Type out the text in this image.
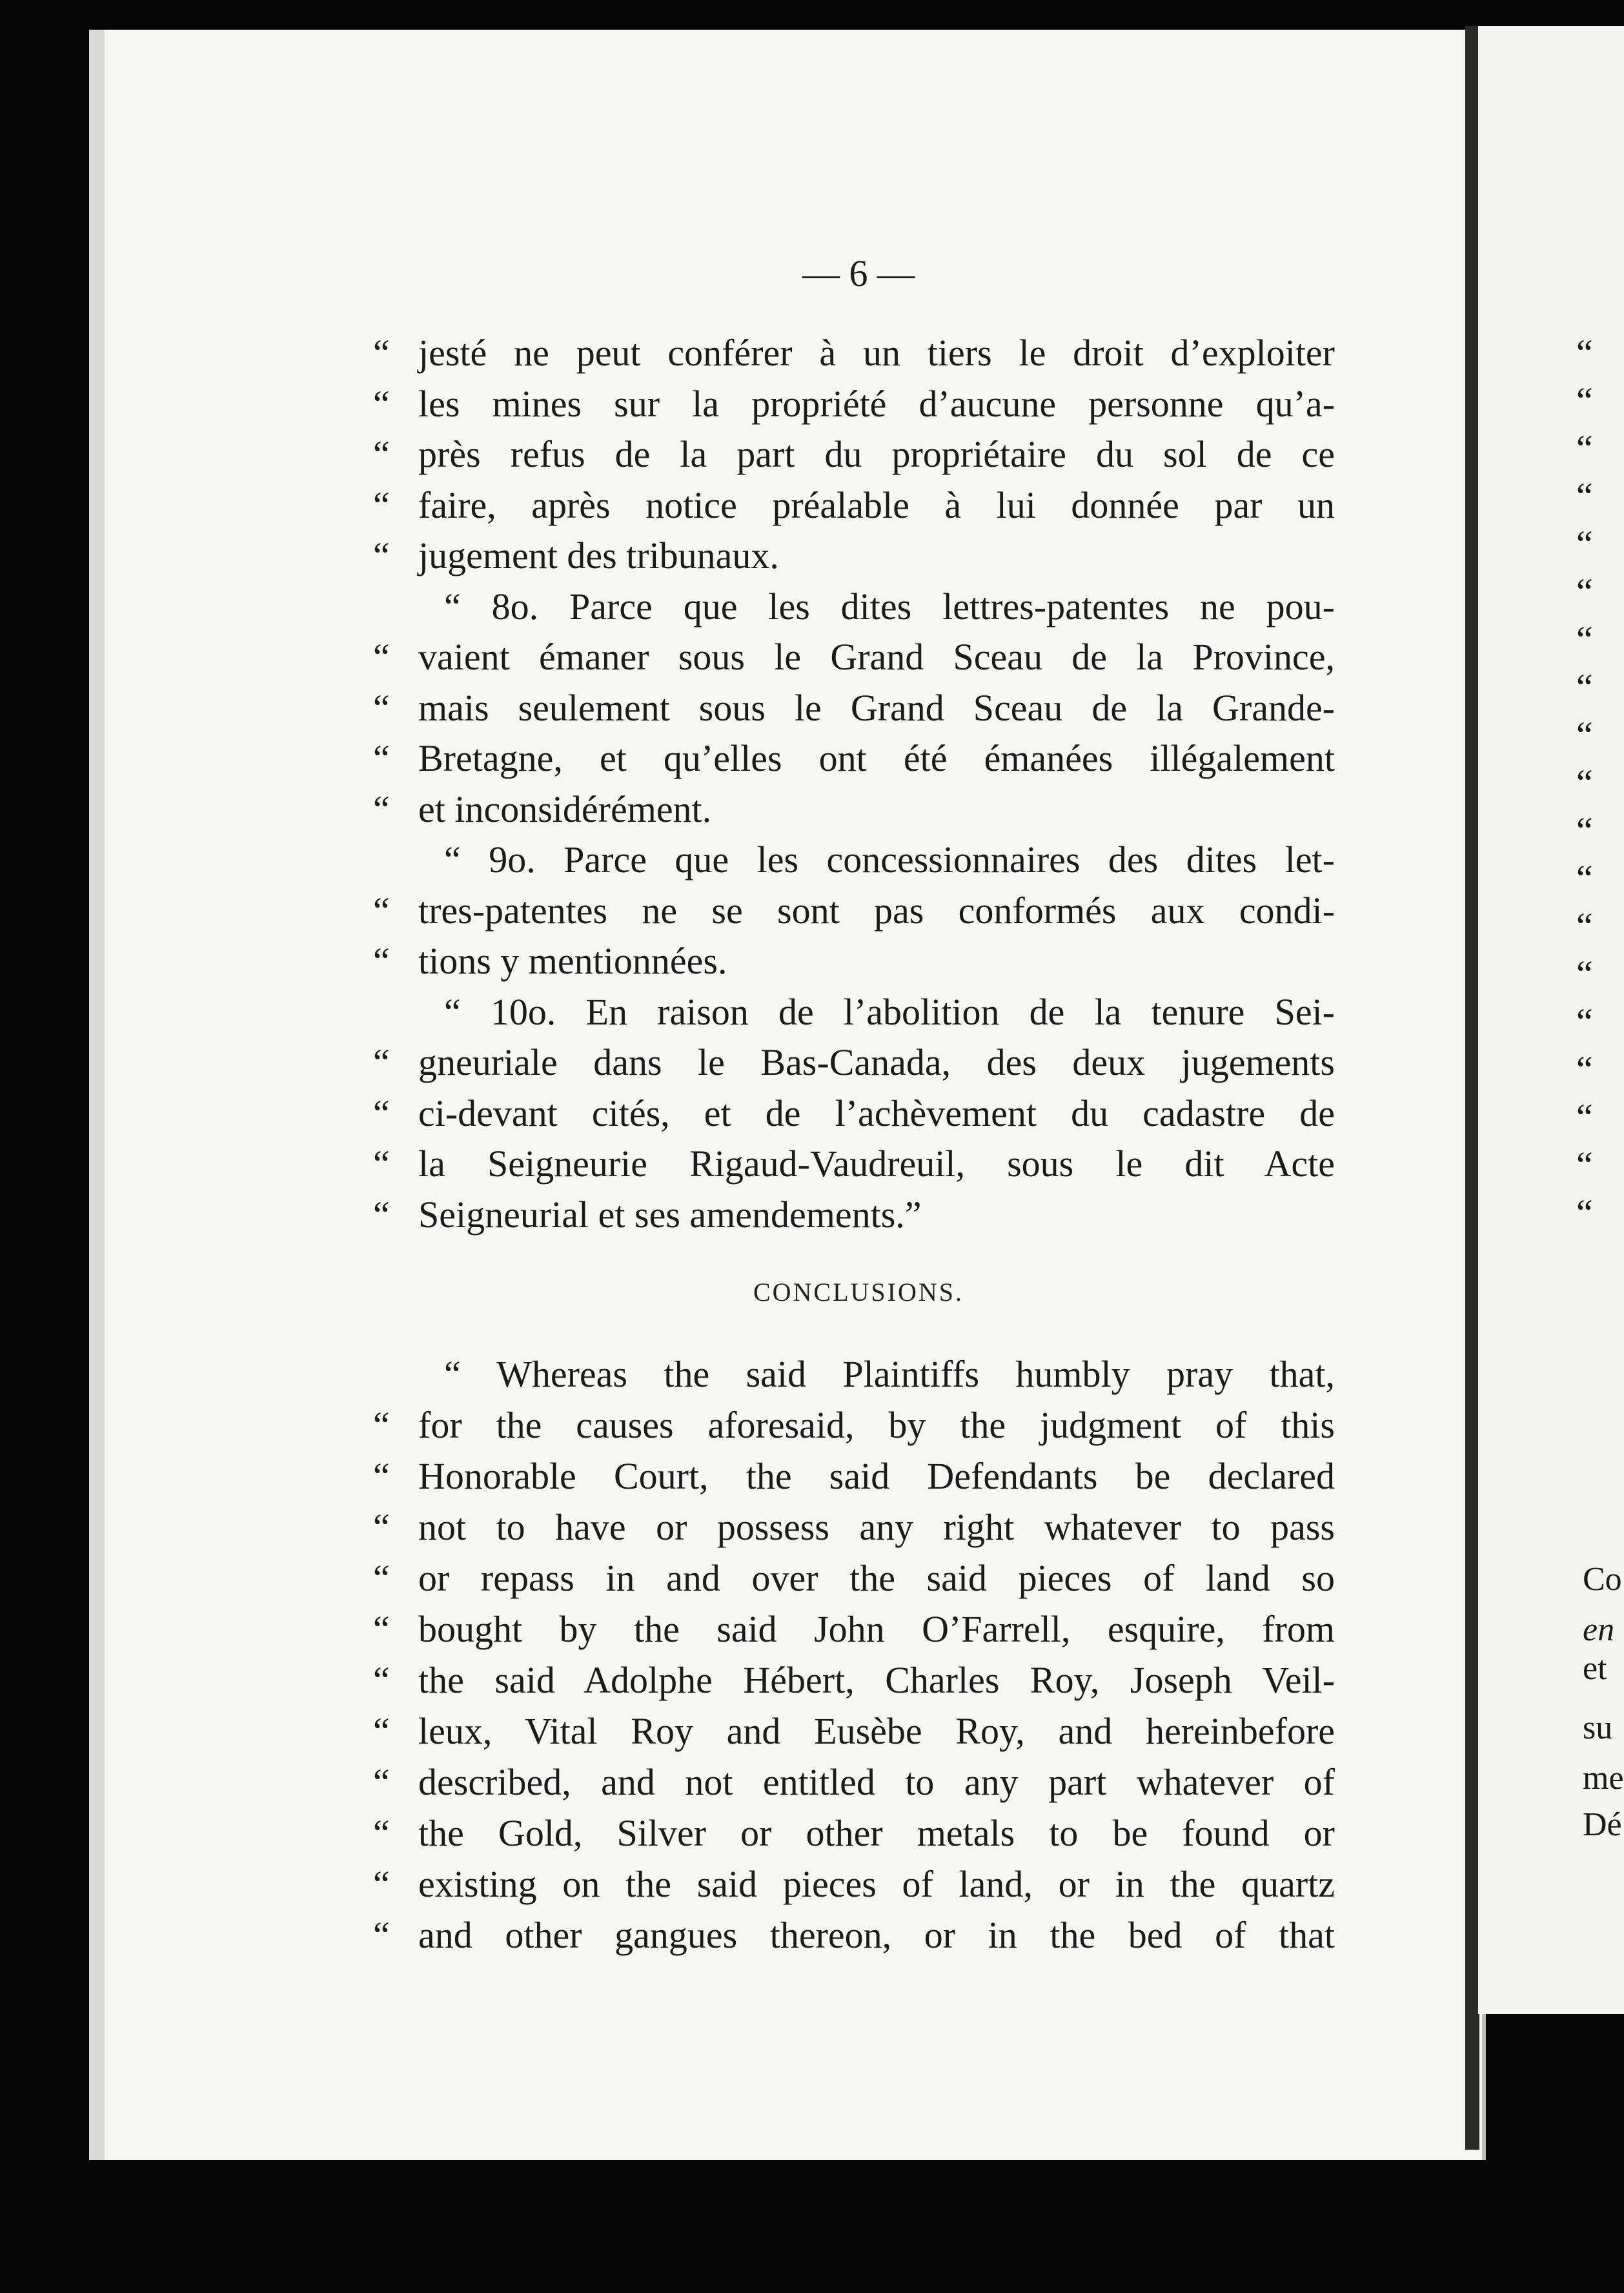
— 6 —
“ jesté ne peut conférer à un tiers le droit d’exploiter
“ les mines sur la propriété d’aucune personne qu’a-
“ près refus de la part du propriétaire du sol de ce
“ faire, après notice préalable à lui donnée par un
“ jugement des tribunaux.
“ 8o. Parce que les dites lettres-patentes ne pou-
“ vaient émaner sous le Grand Sceau de la Province,
“ mais seulement sous le Grand Sceau de la Grande-
“ Bretagne, et qu’elles ont été émanées illégalement
“ et inconsidérément.
“ 9o. Parce que les concessionnaires des dites let-
“ tres-patentes ne se sont pas conformés aux condi-
“ tions y mentionnées.
“ 10o. En raison de l’abolition de la tenure Sei-
“ gneuriale dans le Bas-Canada, des deux jugements
“ ci-devant cités, et de l’achèvement du cadastre de
“ la Seigneurie Rigaud-Vaudreuil, sous le dit Acte
“ Seigneurial et ses amendements.”
CONCLUSIONS.
“ Whereas the said Plaintiffs humbly pray that,
“ for the causes aforesaid, by the judgment of this
“ Honorable Court, the said Defendants be declared
“ not to have or possess any right whatever to pass
“ or repass in and over the said pieces of land so
“ bought by the said John O’Farrell, esquire, from
“ the said Adolphe Hébert, Charles Roy, Joseph Veil-
“ leux, Vital Roy and Eusèbe Roy, and hereinbefore
“ described, and not entitled to any part whatever of
“ the Gold, Silver or other metals to be found or
“ existing on the said pieces of land, or in the quartz
“ and other gangues thereon, or in the bed of that
“
“
“
“
“
“
“
“
“
“
“
“
“
“
“
“
“
“
“
Co
en
et
su
me
Dé
